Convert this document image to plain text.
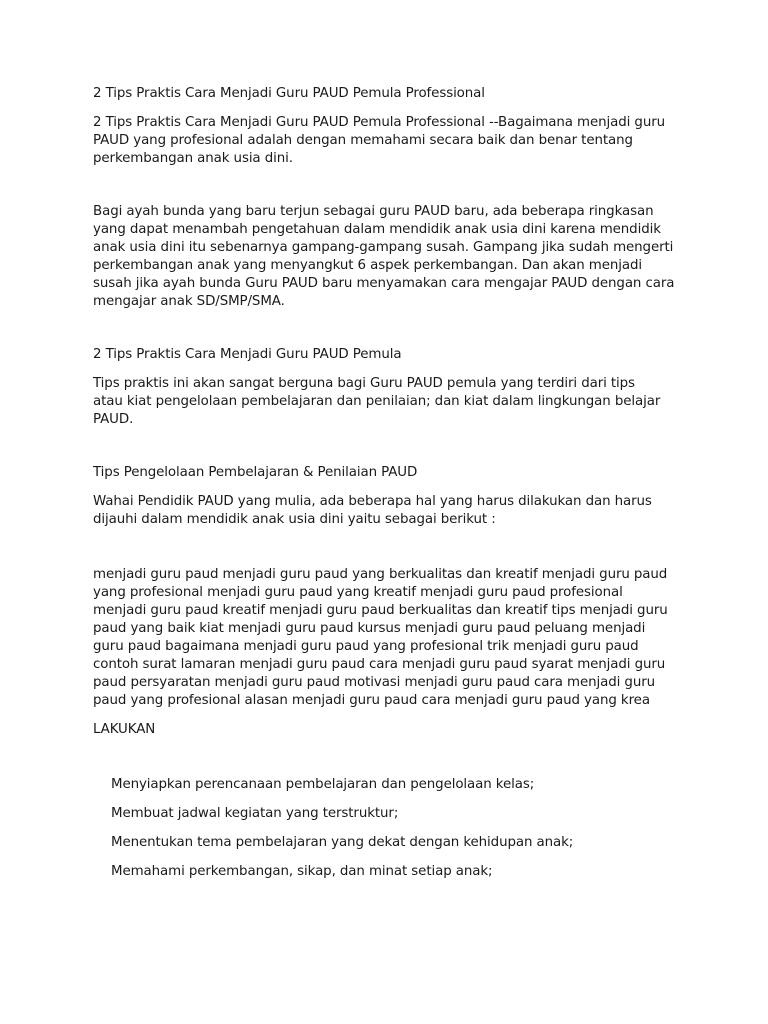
2 Tips Praktis Cara Menjadi Guru PAUD Pemula Professional

2 Tips Praktis Cara Menjadi Guru PAUD Pemula Professional --Bagaimana menjadi guru PAUD yang profesional adalah dengan memahami secara baik dan benar tentang perkembangan anak usia dini.

Bagi ayah bunda yang baru terjun sebagai guru PAUD baru, ada beberapa ringkasan yang dapat menambah pengetahuan dalam mendidik anak usia dini karena mendidik anak usia dini itu sebenarnya gampang-gampang susah. Gampang jika sudah mengerti perkembangan anak yang menyangkut 6 aspek perkembangan. Dan akan menjadi susah jika ayah bunda Guru PAUD baru menyamakan cara mengajar PAUD dengan cara mengajar anak SD/SMP/SMA.

2 Tips Praktis Cara Menjadi Guru PAUD Pemula

Tips praktis ini akan sangat berguna bagi Guru PAUD pemula yang terdiri dari tips atau kiat pengelolaan pembelajaran dan penilaian; dan kiat dalam lingkungan belajar PAUD.

Tips Pengelolaan Pembelajaran & Penilaian PAUD

Wahai Pendidik PAUD yang mulia, ada beberapa hal yang harus dilakukan dan harus dijauhi dalam mendidik anak usia dini yaitu sebagai berikut :

menjadi guru paud menjadi guru paud yang berkualitas dan kreatif menjadi guru paud yang profesional menjadi guru paud yang kreatif menjadi guru paud profesional menjadi guru paud kreatif menjadi guru paud berkualitas dan kreatif tips menjadi guru paud yang baik kiat menjadi guru paud kursus menjadi guru paud peluang menjadi guru paud bagaimana menjadi guru paud yang profesional trik menjadi guru paud contoh surat lamaran menjadi guru paud cara menjadi guru paud syarat menjadi guru paud persyaratan menjadi guru paud motivasi menjadi guru paud cara menjadi guru paud yang profesional alasan menjadi guru paud cara menjadi guru paud yang krea

LAKUKAN

Menyiapkan perencanaan pembelajaran dan pengelolaan kelas;

Membuat jadwal kegiatan yang terstruktur;

Menentukan tema pembelajaran yang dekat dengan kehidupan anak;

Memahami perkembangan, sikap, dan minat setiap anak;
